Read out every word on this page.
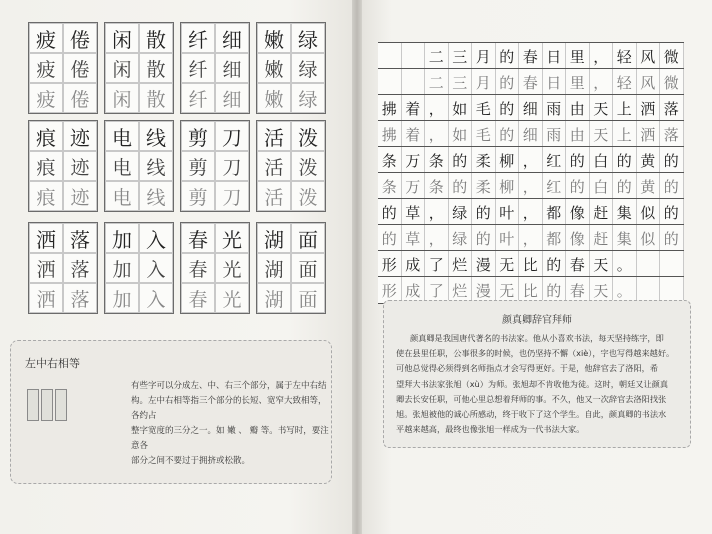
疲 倦
疲 倦
疲 倦
闲 散
闲 散
闲 散
纤 细
纤 细
纤 细
嫩 绿
嫩 绿
嫩 绿
痕 迹
痕 迹
痕 迹
电 线
电 线
电 线
剪 刀
剪 刀
剪 刀
活 泼
活 泼
活 泼
洒 落
洒 落
洒 落
加 入
加 入
加 入
春 光
春 光
春 光
湖 面
湖 面
湖 面
左中右相等
有些字可以分成左、中、右三个部分，属于左中右结
构。左中右相等指三个部分的长短、宽窄大致相等，各约占
整字宽度的三分之一。如 嫩 、 瓣 等。书写时，要注意各
部分之间不要过于拥挤或松散。
二 三 月 的 春 日 里 ， 轻 风 微
二 三 月 的 春 日 里 ， 轻 风 微
拂 着 ， 如 毛 的 细 雨 由 天 上 洒 落
拂 着 ， 如 毛 的 细 雨 由 天 上 洒 落
条 万 条 的 柔 柳 ， 红 的 白 的 黄 的
条 万 条 的 柔 柳 ， 红 的 白 的 黄 的
的 草 ， 绿 的 叶 ， 都 像 赶 集 似 的
的 草 ， 绿 的 叶 ， 都 像 赶 集 似 的
形 成 了 烂 漫 无 比 的 春 天 。
形 成 了 烂 漫 无 比 的 春 天 。
颜真卿辞官拜师
颜真卿是我国唐代著名的书法家。他从小喜欢书法，每天坚持练字，即
使在县里任职，公事很多的时候，也仍坚持不懈（xiè），字也写得越来越好。
可他总觉得必须得到名师指点才会写得更好。于是，他辞官去了洛阳，希
望拜大书法家张旭（xù）为师。张旭却不肯收他为徒。这时，朝廷又让颜真
卿去长安任职，可他心里总想着拜师的事。不久，他又一次辞官去洛阳找张
旭。张旭被他的诚心所感动，终于收下了这个学生。自此，颜真卿的书法水
平越来越高，最终也像张旭一样成为一代书法大家。
